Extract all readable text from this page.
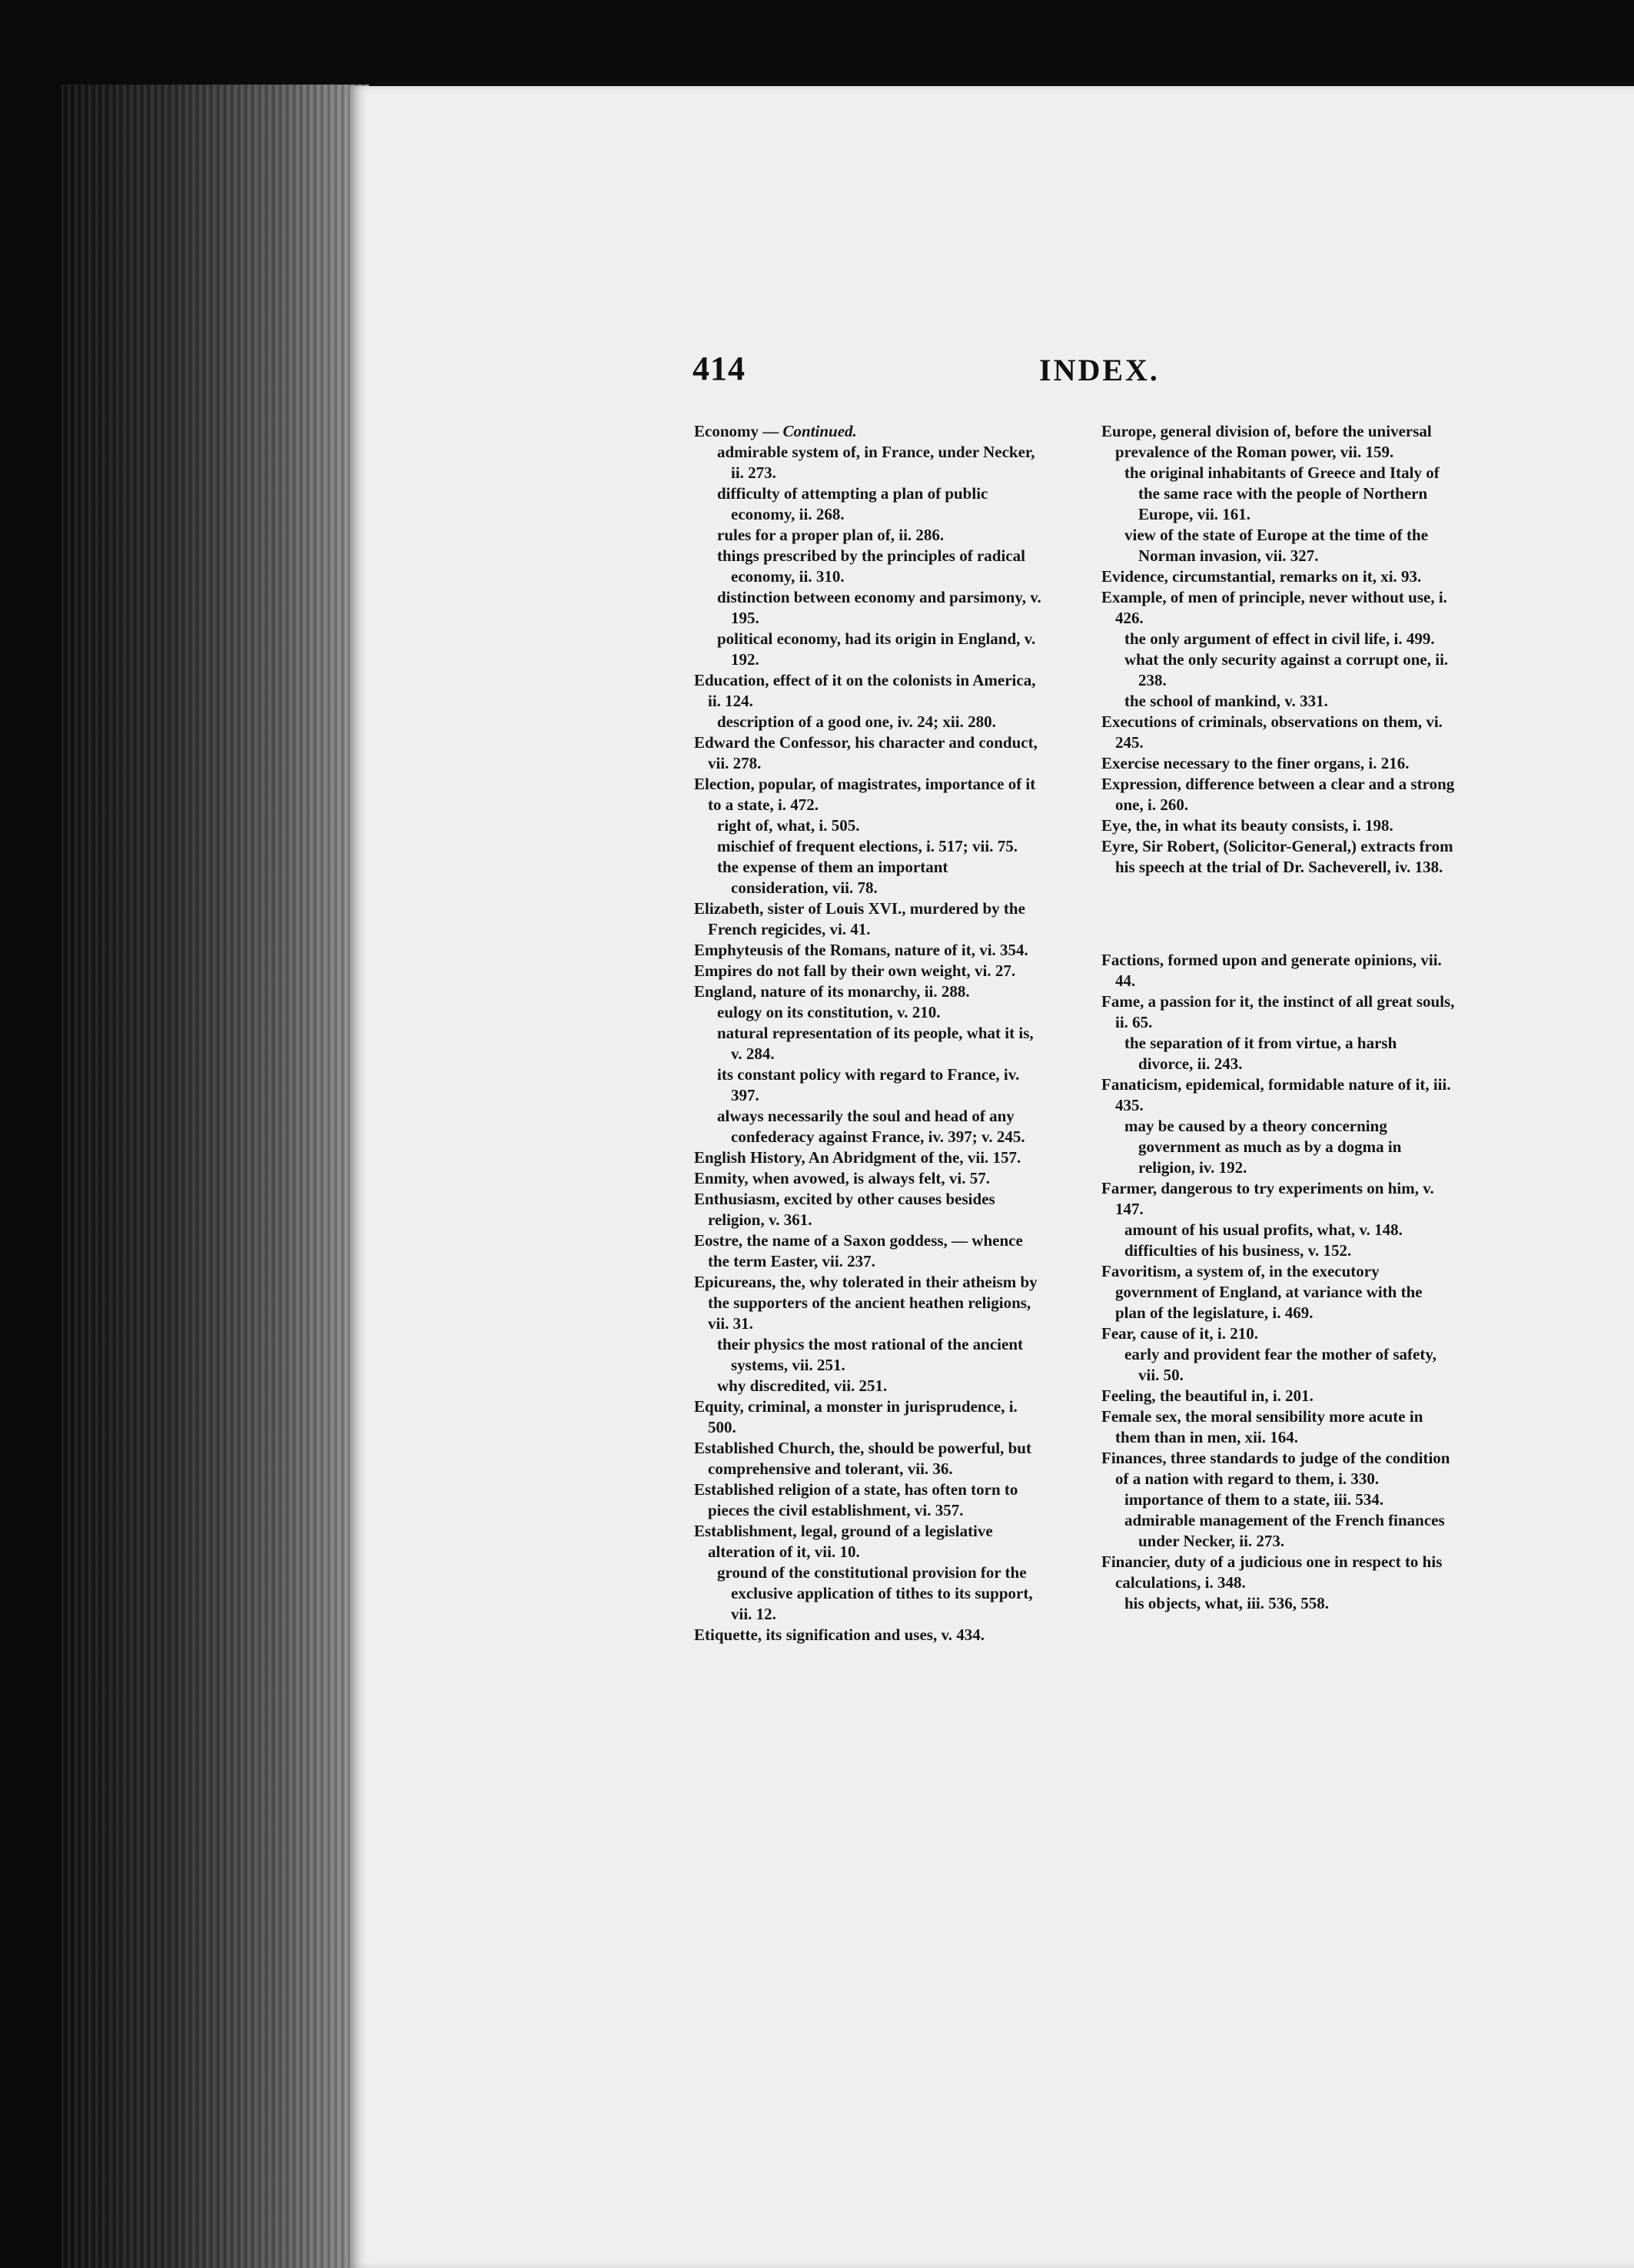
414	INDEX.

Economy — Continued.

admirable system of, in France, under Necker, ii. 273.

difficulty of attempting a plan of public economy, ii. 268.

rules for a proper plan of, ii. 286.

things prescribed by the principles of radical economy, ii. 310.

distinction between economy and parsimony, v. 195.

political economy, had its origin in England, v. 192.

Education, effect of it on the colonists in America, ii. 124.

description of a good one, iv. 24; xii. 280.

Edward the Confessor, his character and conduct, vii. 278.

Election, popular, of magistrates, importance of it to a state, i. 472.

right of, what, i. 505.

mischief of frequent elections, i. 517; vii. 75.

the expense of them an important consideration, vii. 78.

Elizabeth, sister of Louis XVI., murdered by the French regicides, vi. 41.

Emphyteusis of the Romans, nature of it, vi. 354.

Empires do not fall by their own weight, vi. 27.

England, nature of its monarchy, ii. 288.

eulogy on its constitution, v. 210.

natural representation of its people, what it is, v. 284.

its constant policy with regard to France, iv. 397.

always necessarily the soul and head of any confederacy against France, iv. 397; v. 245.

English History, An Abridgment of the, vii. 157.

Enmity, when avowed, is always felt, vi. 57.

Enthusiasm, excited by other causes besides religion, v. 361.

Eostre, the name of a Saxon goddess, — whence the term Easter, vii. 237.

Epicureans, the, why tolerated in their atheism by the supporters of the ancient heathen religions, vii. 31.

their physics the most rational of the ancient systems, vii. 251.

why discredited, vii. 251.

Equity, criminal, a monster in jurisprudence, i. 500.

Established Church, the, should be powerful, but comprehensive and tolerant, vii. 36.

Established religion of a state, has often torn to pieces the civil establishment, vi. 357.

Establishment, legal, ground of a legislative alteration of it, vii. 10.

ground of the constitutional provision for the exclusive application of tithes to its support, vii. 12.

Etiquette, its signification and uses, v. 434.

Europe, general division of, before the universal prevalence of the Roman power, vii. 159.

the original inhabitants of Greece and Italy of the same race with the people of Northern Europe, vii. 161.

view of the state of Europe at the time of the Norman invasion, vii. 327.

Evidence, circumstantial, remarks on it, xi. 93.

Example, of men of principle, never without use, i. 426.

the only argument of effect in civil life, i. 499.

what the only security against a corrupt one, ii. 238.

the school of mankind, v. 331.

Executions of criminals, observations on them, vi. 245.

Exercise necessary to the finer organs, i. 216.

Expression, difference between a clear and a strong one, i. 260.

Eye, the, in what its beauty consists, i. 198.

Eyre, Sir Robert, (Solicitor-General,) extracts from his speech at the trial of Dr. Sacheverell, iv. 138.

Factions, formed upon and generate opinions, vii. 44.

Fame, a passion for it, the instinct of all great souls, ii. 65.

the separation of it from virtue, a harsh divorce, ii. 243.

Fanaticism, epidemical, formidable nature of it, iii. 435.

may be caused by a theory concerning government as much as by a dogma in religion, iv. 192.

Farmer, dangerous to try experiments on him, v. 147.

amount of his usual profits, what, v. 148.

difficulties of his business, v. 152.

Favoritism, a system of, in the executory government of England, at variance with the plan of the legislature, i. 469.

Fear, cause of it, i. 210.

early and provident fear the mother of safety, vii. 50.

Feeling, the beautiful in, i. 201.

Female sex, the moral sensibility more acute in them than in men, xii. 164.

Finances, three standards to judge of the condition of a nation with regard to them, i. 330.

importance of them to a state, iii. 534.

admirable management of the French finances under Necker, ii. 273.

Financier, duty of a judicious one in respect to his calculations, i. 348.

his objects, what, iii. 536, 558.
